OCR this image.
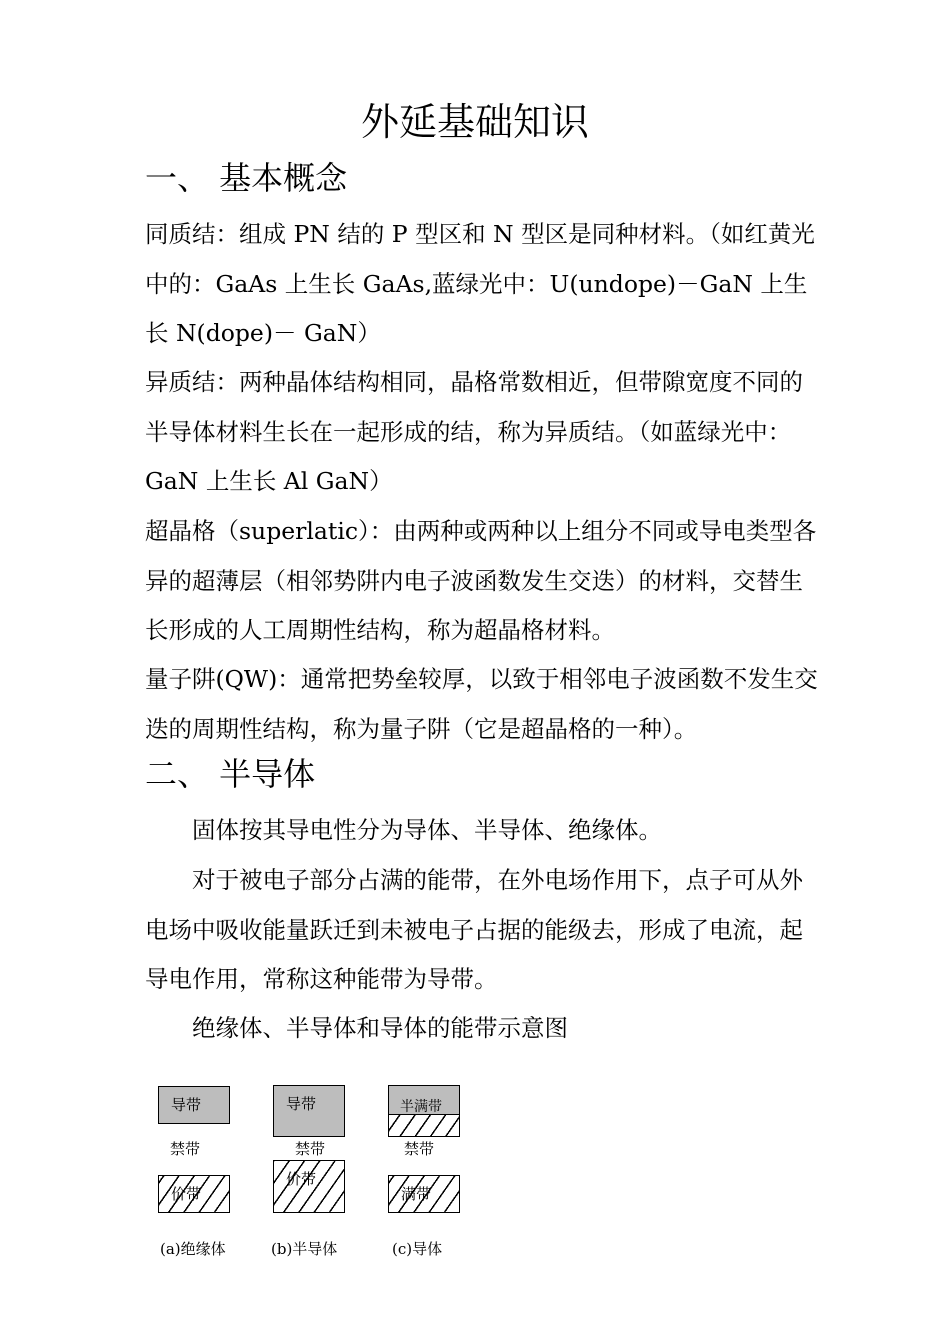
外延基础知识
一、 基本概念
同质结：组成 PN 结的 P 型区和 N 型区是同种材料。（如红黄光中的：GaAs 上生长 GaAs,蓝绿光中：U(undope)－GaN 上生长 N(dope)－ GaN）
异质结：两种晶体结构相同，晶格常数相近，但带隙宽度不同的半导体材料生长在一起形成的结，称为异质结。（如蓝绿光中：GaN 上生长 Al GaN）
超晶格（superlatic）：由两种或两种以上组分不同或导电类型各异的超薄层（相邻势阱内电子波函数发生交迭）的材料，交替生长形成的人工周期性结构，称为超晶格材料。
量子阱(QW)：通常把势垒较厚，以致于相邻电子波函数不发生交迭的周期性结构，称为量子阱（它是超晶格的一种）。
二、 半导体
固体按其导电性分为导体、半导体、绝缘体。
对于被电子部分占满的能带，在外电场作用下，点子可从外电场中吸收能量跃迁到未被电子占据的能级去，形成了电流，起导电作用，常称这种能带为导带。
绝缘体、半导体和导体的能带示意图
导带
禁带
价带
(a)绝缘体
导带
禁带
价带
(b)半导体
半满带
禁带
满带
(c)导体
